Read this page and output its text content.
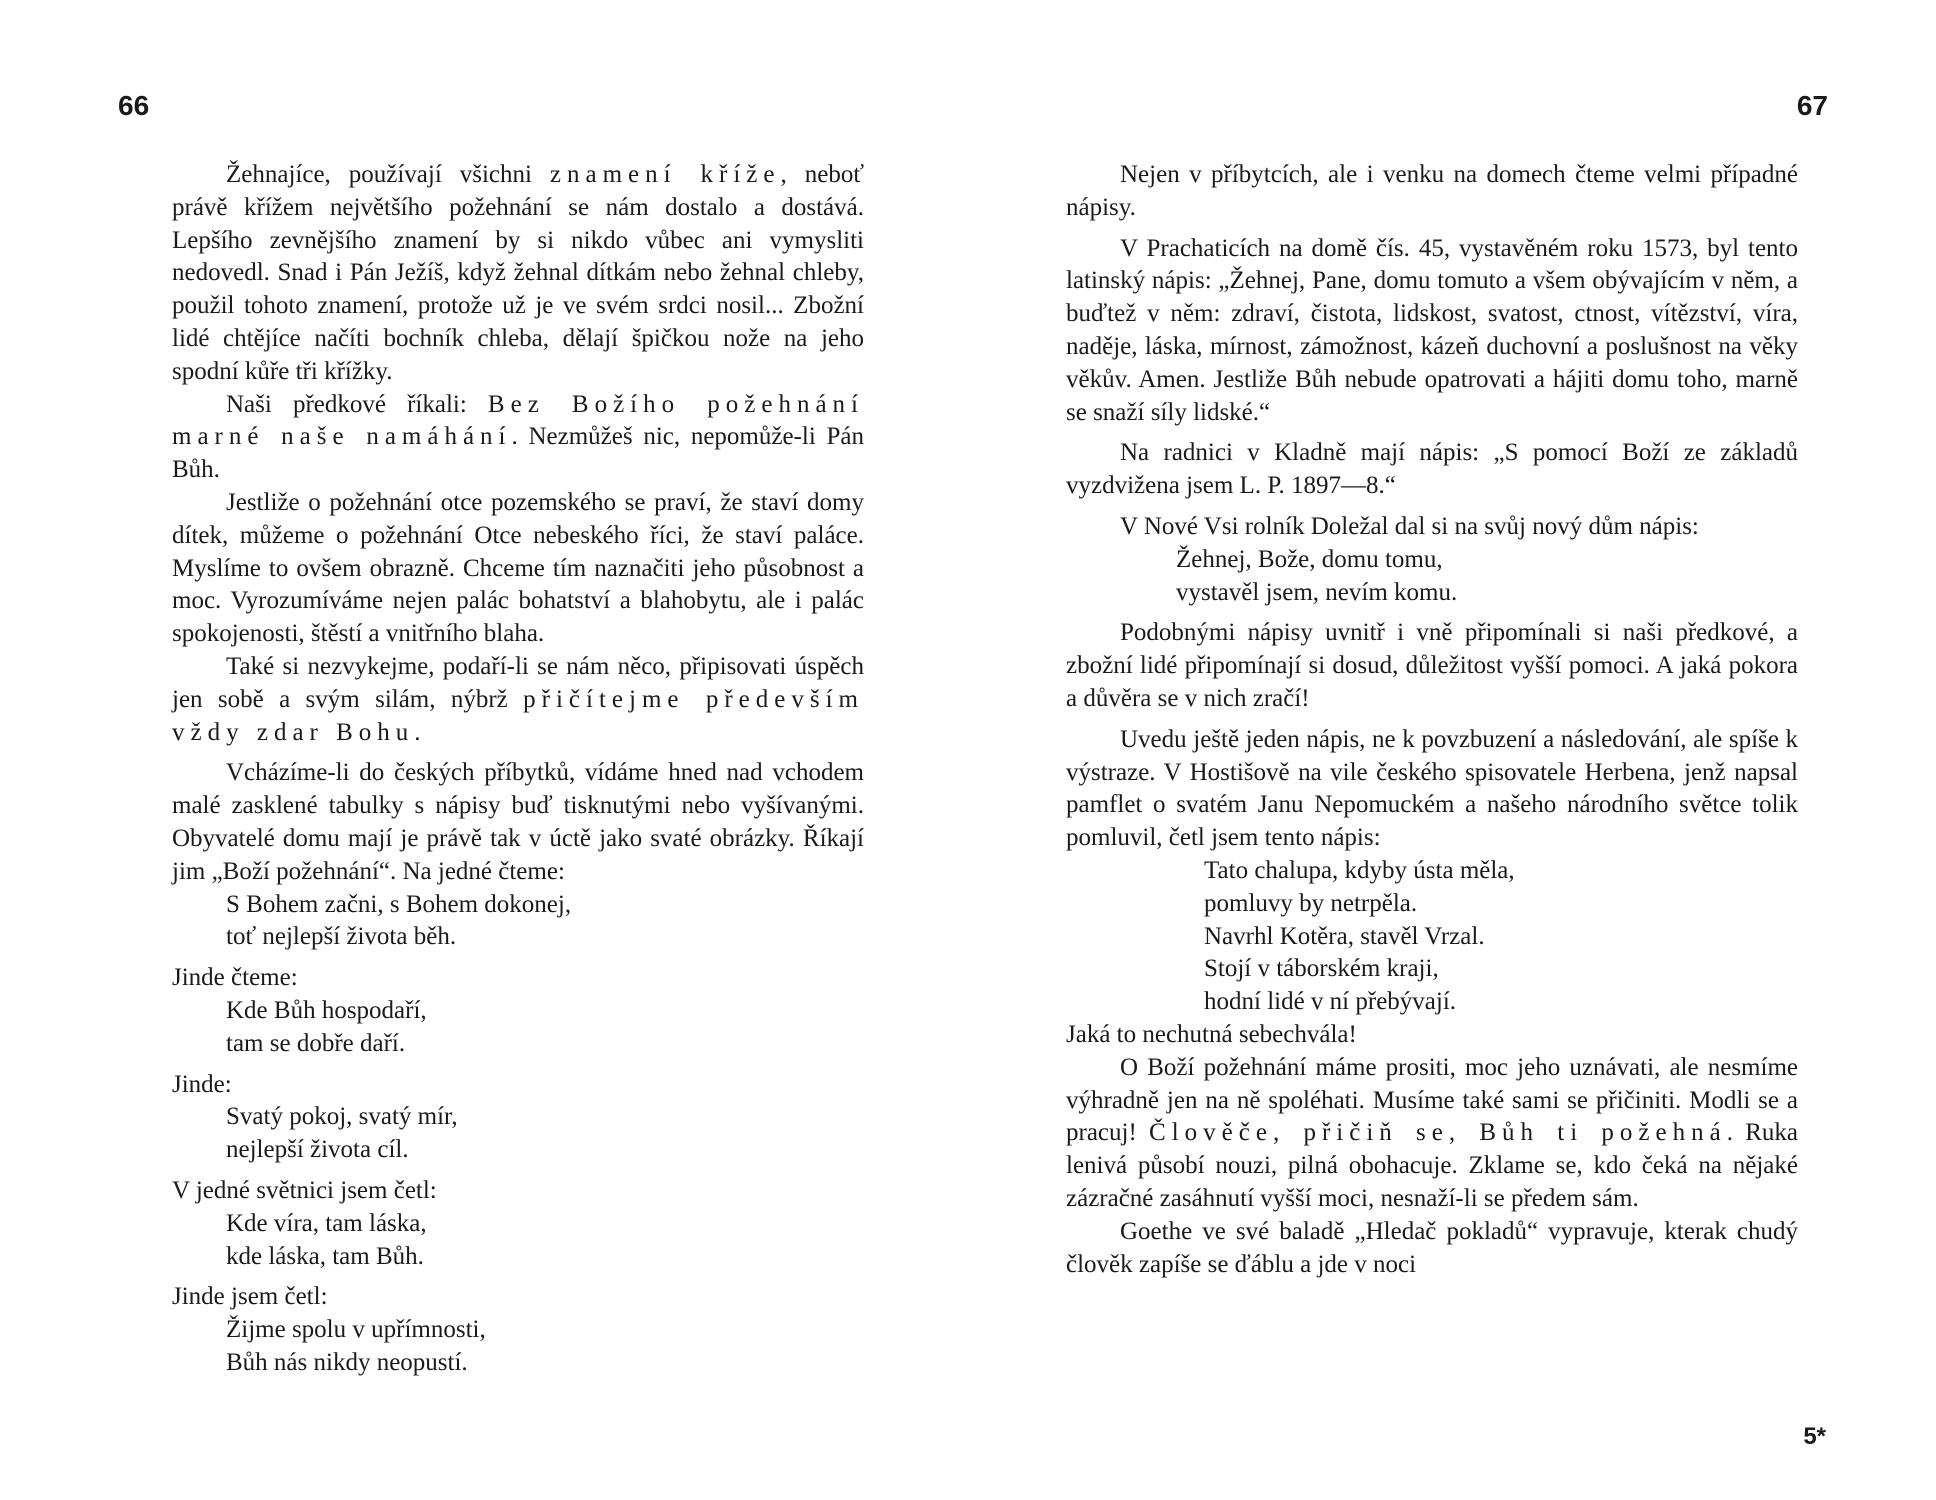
66

Žehnajíce, používají všichni znamení kříže, neboť právě křížem největšího požehnání se nám dostalo a dostává. Lepšího zevnějšího znamení by si nikdo vůbec ani vymysliti nedovedl. Snad i Pán Ježíš, když žehnal dítkám nebo žehnal chleby, použil tohoto znamení, protože už je ve svém srdci nosil... Zbožní lidé chtějíce načíti bochník chleba, dělají špičkou nože na jeho spodní kůře tři křížky.

Naši předkové říkali: Bez Božího požehnání marné naše namáhání. Nezmůžeš nic, nepomůže-li Pán Bůh.

Jestliže o požehnání otce pozemského se praví, že staví domy dítek, můžeme o požehnání Otce nebeského říci, že staví paláce. Myslíme to ovšem obrazně. Chceme tím naznačiti jeho působnost a moc. Vyrozumíváme nejen palác bohatství a blahobytu, ale i palác spokojenosti, štěstí a vnitřního blaha.

Také si nezvykejme, podaří-li se nám něco, připisovati úspěch jen sobě a svým silám, nýbrž přičítejme především vždy zdar Bohu.

Vcházíme-li do českých příbytků, vídáme hned nad vchodem malé zasklené tabulky s nápisy buď tisknutými nebo vyšívanými. Obyvatelé domu mají je právě tak v úctě jako svaté obrázky. Říkají jim „Boží požehnání“. Na jedné čteme:

S Bohem začni, s Bohem dokonej,
toť nejlepší života běh.

Jinde čteme:

Kde Bůh hospodaří,
tam se dobře daří.

Jinde:

Svatý pokoj, svatý mír,
nejlepší života cíl.

V jedné světnici jsem četl:

Kde víra, tam láska,
kde láska, tam Bůh.

Jinde jsem četl:

Žijme spolu v upřímnosti,
Bůh nás nikdy neopustí.
67

Nejen v příbytcích, ale i venku na domech čteme velmi případné nápisy.

V Prachaticích na domě čís. 45, vystavěném roku 1573, byl tento latinský nápis: „Žehnej, Pane, domu tomuto a všem obývajícím v něm, a buďtež v něm: zdraví, čistota, lidskost, svatost, ctnost, vítězství, víra, naděje, láska, mírnost, zámožnost, kázeň duchovní a poslušnost na věky věkův. Amen. Jestliže Bůh nebude opatrovati a hájiti domu toho, marně se snaží síly lidské.“

Na radnici v Kladně mají nápis: „S pomocí Boží ze základů vyzdvižena jsem L. P. 1897—8.“

V Nové Vsi rolník Doležal dal si na svůj nový dům nápis:

Žehnej, Bože, domu tomu,
vystavěl jsem, nevím komu.

Podobnými nápisy uvnitř i vně připomínali si naši předkové, a zbožní lidé připomínají si dosud, důležitost vyšší pomoci. A jaká pokora a důvěra se v nich zračí!

Uvedu ještě jeden nápis, ne k povzbuzení a následování, ale spíše k výstraze. V Hostišově na vile českého spisovatele Herbena, jenž napsal pamflet o svatém Janu Nepomuckém a našeho národního světce tolik pomluvil, četl jsem tento nápis:

Tato chalupa, kdyby ústa měla,
pomluvy by netrpěla.
Navrhl Kotěra, stavěl Vrzal.
Stojí v táborském kraji,
hodní lidé v ní přebývají.

Jaká to nechutná sebechvála!

O Boží požehnání máme prositi, moc jeho uznávati, ale nesmíme výhradně jen na ně spoléhati. Musíme také sami se přičiniti. Modli se a pracuj! Člověče, přičiň se, Bůh ti požehná. Ruka lenivá působí nouzi, pilná obohacuje. Zklame se, kdo čeká na nějaké zázračné zasáhnutí vyšší moci, nesnaží-li se předem sám.

Goethe ve své baladě „Hledač pokladů“ vypravuje, kterak chudý člověk zapíše se ďáblu a jde v noci

5*
